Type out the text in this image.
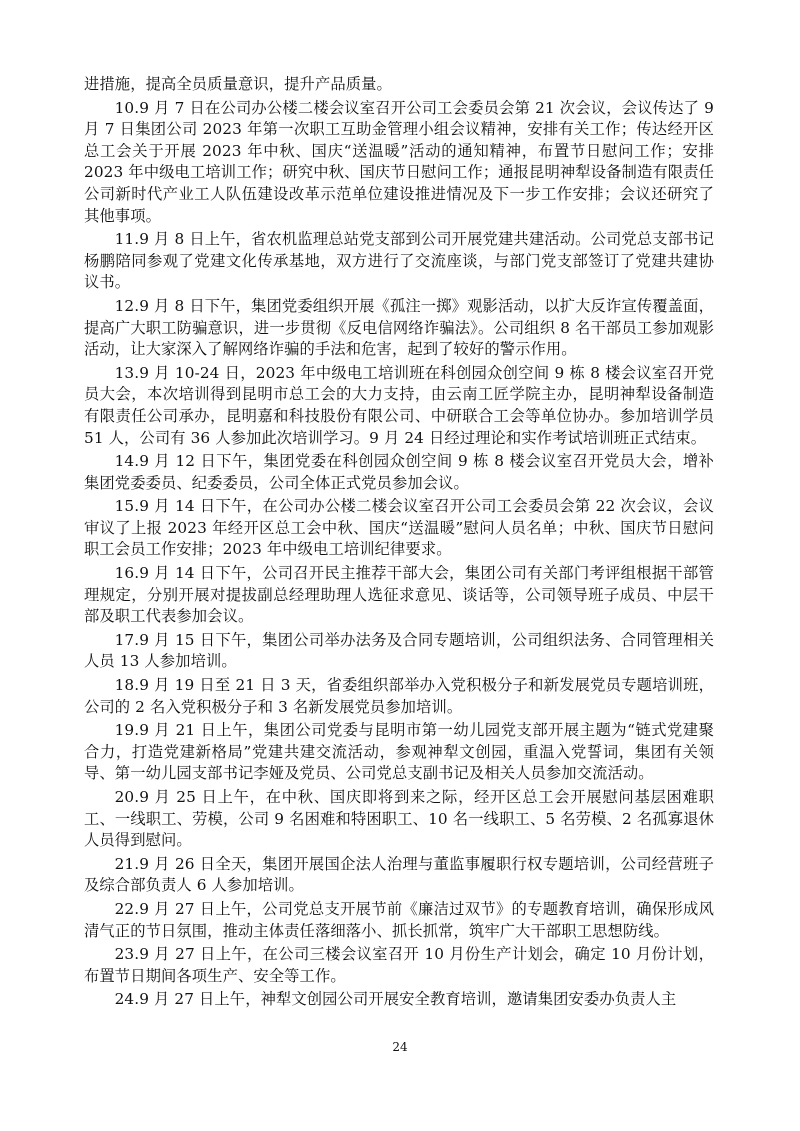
进措施，提高全员质量意识，提升产品质量。

10.9 月 7 日在公司办公楼二楼会议室召开公司工会委员会第 21 次会议，会议传达了 9 月 7 日集团公司 2023 年第一次职工互助金管理小组会议精神，安排有关工作；传达经开区总工会关于开展 2023 年中秋、国庆“送温暖”活动的通知精神，布置节日慰问工作；安排 2023 年中级电工培训工作；研究中秋、国庆节日慰问工作；通报昆明神犁设备制造有限责任公司新时代产业工人队伍建设改革示范单位建设推进情况及下一步工作安排；会议还研究了其他事项。

11.9 月 8 日上午，省农机监理总站党支部到公司开展党建共建活动。公司党总支部书记杨鹏陪同参观了党建文化传承基地，双方进行了交流座谈，与部门党支部签订了党建共建协议书。

12.9 月 8 日下午，集团党委组织开展《孤注一掷》观影活动，以扩大反诈宣传覆盖面，提高广大职工防骗意识，进一步贯彻《反电信网络诈骗法》。公司组织 8 名干部员工参加观影活动，让大家深入了解网络诈骗的手法和危害，起到了较好的警示作用。

13.9 月 10-24 日，2023 年中级电工培训班在科创园众创空间 9 栋 8 楼会议室召开党员大会，本次培训得到昆明市总工会的大力支持，由云南工匠学院主办，昆明神犁设备制造有限责任公司承办，昆明嘉和科技股份有限公司、中研联合工会等单位协办。参加培训学员 51 人，公司有 36 人参加此次培训学习。9 月 24 日经过理论和实作考试培训班正式结束。

14.9 月 12 日下午，集团党委在科创园众创空间 9 栋 8 楼会议室召开党员大会，增补集团党委委员、纪委委员，公司全体正式党员参加会议。

15.9 月 14 日下午，在公司办公楼二楼会议室召开公司工会委员会第 22 次会议，会议审议了上报 2023 年经开区总工会中秋、国庆“送温暖”慰问人员名单；中秋、国庆节日慰问职工会员工作安排；2023 年中级电工培训纪律要求。

16.9 月 14 日下午，公司召开民主推荐干部大会，集团公司有关部门考评组根据干部管理规定，分别开展对提拔副总经理助理人选征求意见、谈话等，公司领导班子成员、中层干部及职工代表参加会议。

17.9 月 15 日下午，集团公司举办法务及合同专题培训，公司组织法务、合同管理相关人员 13 人参加培训。

18.9 月 19 日至 21 日 3 天，省委组织部举办入党积极分子和新发展党员专题培训班，公司的 2 名入党积极分子和 3 名新发展党员参加培训。

19.9 月 21 日上午，集团公司党委与昆明市第一幼儿园党支部开展主题为“链式党建聚合力，打造党建新格局”党建共建交流活动，参观神犁文创园，重温入党誓词，集团有关领导、第一幼儿园支部书记李娅及党员、公司党总支副书记及相关人员参加交流活动。

20.9 月 25 日上午，在中秋、国庆即将到来之际，经开区总工会开展慰问基层困难职工、一线职工、劳模，公司 9 名困难和特困职工、10 名一线职工、5 名劳模、2 名孤寡退休人员得到慰问。

21.9 月 26 日全天，集团开展国企法人治理与董监事履职行权专题培训，公司经营班子及综合部负责人 6 人参加培训。

22.9 月 27 日上午，公司党总支开展节前《廉洁过双节》的专题教育培训，确保形成风清气正的节日氛围，推动主体责任落细落小、抓长抓常，筑牢广大干部职工思想防线。

23.9 月 27 日上午，在公司三楼会议室召开 10 月份生产计划会，确定 10 月份计划，布置节日期间各项生产、安全等工作。

24.9 月 27 日上午，神犁文创园公司开展安全教育培训，邀请集团安委办负责人主

24
